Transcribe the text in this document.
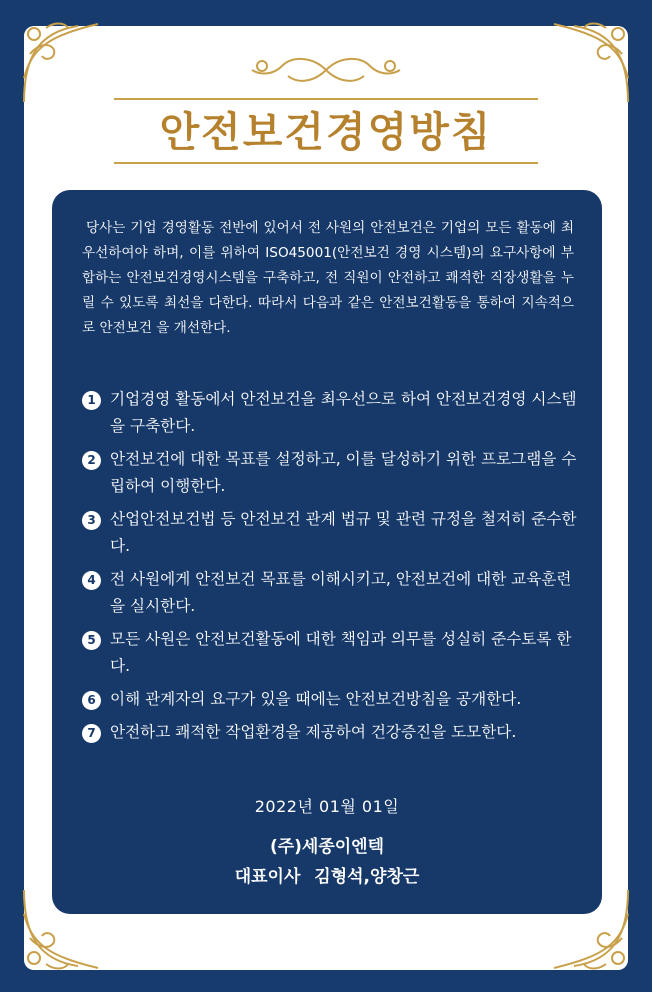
안전보건경영방침
당사는 기업 경영활동 전반에 있어서 전 사원의 안전보건은 기업의 모든 활동에 최우선하여야 하며, 이를 위하여 ISO45001(안전보건 경영 시스템)의 요구사항에 부합하는 안전보건경영시스템을 구축하고, 전 직원이 안전하고 쾌적한 직장생활을 누릴 수 있도록 최선을 다한다. 따라서 다음과 같은 안전보건활동을 통하여 지속적으로 안전보건 을 개선한다.
1 기업경영 활동에서 안전보건을 최우선으로 하여 안전보건경영 시스템을 구축한다.
2 안전보건에 대한 목표를 설정하고, 이를 달성하기 위한 프로그램을 수립하여 이행한다.
3 산업안전보건법 등 안전보건 관계 법규 및 관련 규정을 철저히 준수한다.
4 전 사원에게 안전보건 목표를 이해시키고, 안전보건에 대한 교육훈련을 실시한다.
5 모든 사원은 안전보건활동에 대한 책임과 의무를 성실히 준수토록 한다.
6 이해 관계자의 요구가 있을 때에는 안전보건방침을 공개한다.
7 안전하고 쾌적한 작업환경을 제공하여 건강증진을 도모한다.
2022년 01월 01일
(주)세종이엔텍
대표이사 김형석,양창근
